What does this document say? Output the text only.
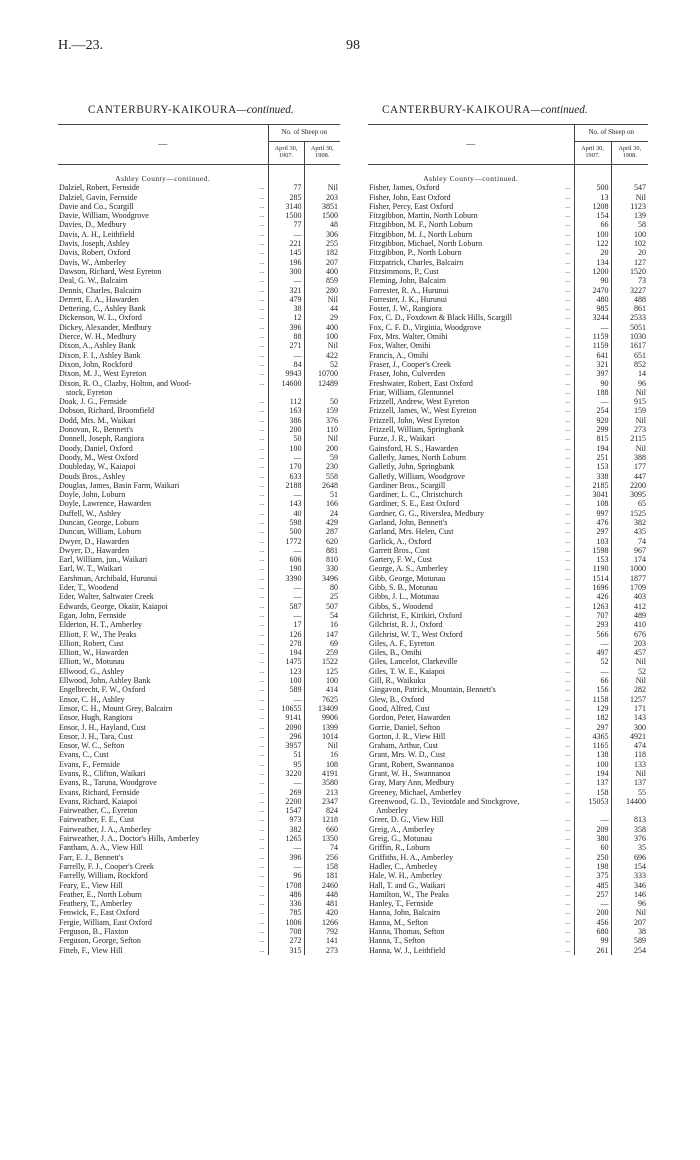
H.—23.	98
CANTERBURY-KAIKOURA—continued.
—	No. of Sheep on	
	April 30, 1907.	April 30, 1908.

Ashley County—continued.		
Dalziel, Robert, Fernside ...	77	Nil
Dalziel, Gavin, Fernside ...	285	203
Davie and Co., Scargill ...	3140	3851
Davie, William, Woodgrove ...	1500	1500
Davies, D., Medbury ...	77	48
Davis, A. H., Leithfield ...	—	306
Davis, Joseph, Ashley ...	221	255
Davis, Robert, Oxford ...	145	182
Davis, W., Amberley ...	196	207
Dawson, Richard, West Eyreton ...	300	400
Deal, G. W., Balcairn ...	—	859
Dennis, Charles, Balcairn ...	321	280
Derrett, E. A., Hawarden ...	479	Nil
Dettering, C., Ashley Bank ...	38	44
Dickenson, W. L., Oxford ...	12	29
Dickey, Alexander, Medbury ...	396	400
Dierce, W. H., Medbury ...	88	100
Dixon, A., Ashley Bank ...	271	Nil
Dixon, F. I., Ashley Bank ...	—	422
Dixon, John, Rockford ...	84	52
Dixon, M. J., West Eyreton ...	9943	10700
Dixon, R. O., Clazby, Holton, and Wood- ...	14600	12489
stock, Eyreton		
Doak, J. G., Fernside ...	112	50
Dobson, Richard, Broomfield ...	163	159
Dodd, Mrs. M., Waikari ...	386	376
Donovan, R., Bennett's ...	200	110
Donnell, Joseph, Rangiora ...	50	Nil
Doody, Daniel, Oxford ...	100	200
Doody, M., West Oxford ...	—	59
Doubleday, W., Kaiapoi ...	170	230
Douds Bros., Ashley ...	633	558
Douglas, James, Basin Farm, Waikari ...	2188	2648
Doyle, John, Loburn ...	—	51
Doyle, Lawrence, Hawarden ...	143	166
Duffell, W., Ashley ...	40	24
Duncan, George, Loburn ...	598	429
Duncan, William, Loburn ...	500	287
Dwyer, D., Hawarden ...	1772	620
Dwyer, D., Hawarden ...	—	881
Earl, William, jun., Waikari ...	606	810
Earl, W. T., Waikari ...	190	330
Earshman, Archibald, Hurunui ...	3390	3496
Eder, T., Woodend ...	—	80
Eder, Walter, Saltwater Creek ...	—	25
Edwards, George, Okaiir, Kaiapoi ...	587	507
Egan, John, Fernside ...	—	54
Elderton, H. T., Amberley ...	17	16
Elliott, F. W., The Peaks ...	126	147
Elliott, Robert, Cust ...	278	69
Elliott, W., Hawarden ...	194	259
Elliott, W., Motunau ...	1475	1522
Ellwood, G., Ashley ...	123	125
Ellwood, John, Ashley Bank ...	100	100
Engelbrecht, F. W., Oxford ...	589	414
Ensor, C. H., Ashley ...	—	7625
Ensor, C. H., Mount Grey, Balcairn ...	10655	13409
Ensor, Hugh, Rangiora ...	9141	9906
Ensor, J. H., Hayland, Cust ...	2090	1399
Ensor, J. H., Tara, Cust ...	296	1014
Ensor, W. C., Sefton ...	3957	Nil
Evans, C., Cust ...	51	16
Evans, F., Fernside ...	95	108
Evans, R., Clifton, Waikari ...	3220	4191
Evans, R., Taruna, Woodgrove ...	—	3580
Evans, Richard, Fernside ...	269	213
Evans, Richard, Kaiapoi ...	2200	2347
Fairweather, C., Eyreton ...	1547	824
Fairweather, F. E., Cust ...	973	1218
Fairweather, J. A., Amberley ...	382	660
Fairweather, J. A., Doctor's Hills, Amberley ...	1265	1350
Fantham, A. A., View Hill ...	—	74
Farr, E. J., Bennett's ...	396	256
Farrelly, F. J., Cooper's Creek ...	—	158
Farrelly, William, Rockford ...	96	181
Feary, E., View Hill ...	1708	2460
Feather, E., North Loburn ...	486	448
Feathery, T., Amberley ...	336	481
Fenwick, F., East Oxford ...	785	420
Fergie, William, East Oxford ...	1006	1266
Ferguson, B., Flaxton ...	708	792
Ferguson, George, Sefton ...	272	141
Fitteb, F., View Hill ...	315	273
CANTERBURY-KAIKOURA—continued.
—	No. of Sheep on	
	April 30, 1907.	April 30, 1908.

Ashley County—continued.		
Fisher, James, Oxford ...	500	547
Fisher, John, East Oxford ...	13	Nil
Fisher, Percy, East Oxford ...	1208	1123
Fitzgibbon, Martin, North Loburn ...	154	139
Fitzgibbon, M. F., North Loburn ...	66	58
Fitzgibbon, M. J., North Loburn ...	100	100
Fitzgibbon, Michael, North Loburn ...	122	102
Fitzgibbon, P., North Loburn ...	20	20
Fitzpatrick, Charles, Balcairn ...	134	127
Fitzsimmons, P., Cust ...	1200	1520
Fleming, John, Balcairn ...	90	73
Forrester, R. A., Hurunui ...	2470	3227
Forrester, J. K., Hurunui ...	480	488
Foster, J. W., Rangiora ...	985	861
Fox, C. D., Foxdown & Black Hills, Scargill ...	3244	2533
Fox, C. F. D., Virginia, Woodgrove ...	—	5051
Fox, Mrs. Walter, Omihi ...	1159	1030
Fox, Walter, Omihi ...	1159	1617
Francis, A., Omihi ...	641	651
Fraser, J., Cooper's Creek ...	321	852
Fraser, John, Culverden ...	397	14
Freshwater, Robert, East Oxford ...	90	96
Friar, William, Glentunnel ...	188	Nil
Frizzell, Andrew, West Eyreton ...	—	915
Frizzell, James, W., West Eyreton ...	254	159
Frizzell, John, West Eyreton ...	920	Nil
Frizzell, William, Springbank ...	299	273
Furze, J. R., Waikari ...	815	2115
Gainsford, H. S., Hawarden ...	194	Nil
Galletly, James, North Loburn ...	251	388
Galletly, John, Springbank ...	153	177
Galletly, William, Woodgrove ...	338	447
Gardiner Bros., Scargill ...	2185	2200
Gardiner, L. C., Christchurch ...	3041	3095
Gardiner, S. E., East Oxford ...	108	65
Gardner, G. G., Riverslea, Medbury ...	997	1525
Garland, John, Bennett's ...	476	382
Garland, Mrs. Helen, Cust ...	297	435
Garlick, A., Oxford ...	103	74
Garrett Bros., Cust ...	1598	967
Gartery, F. W., Cust ...	153	174
George, A. S., Amberley ...	1190	1000
Gibb, George, Motunau ...	1514	1877
Gibb, S. B., Motunau ...	1696	1709
Gibbs, J. L., Motunau ...	426	403
Gibbs, S., Woodend ...	1263	412
Gilchrist, F., Kirikiri, Oxford ...	707	489
Gilchrist, R. J., Oxford ...	293	410
Gilchrist, W. T., West Oxford ...	566	676
Giles, A. F., Eyreton ...	—	203
Giles, B., Omihi ...	497	457
Giles, Lancelot, Clarkeville ...	52	Nil
Giles, T. W. E., Kaiapoi ...	—	52
Gill, R., Waikuku ...	66	Nil
Gingavon, Patrick, Mountain, Bennett's ...	156	282
Glew, B., Oxford ...	1158	1257
Good, Alfred, Cust ...	129	171
Gordon, Peter, Hawarden ...	182	143
Gorrie, Daniel, Sefton ...	297	300
Gorton, J. R., View Hill ...	4365	4921
Graham, Arthur, Cust ...	1165	474
Grant, Mrs. W. D., Cust ...	138	118
Grant, Robert, Swannanoa ...	100	133
Grant, W. H., Swannanoa ...	194	Nil
Gray, Mary Ann, Medbury ...	137	137
Greeney, Michael, Amberley ...	158	55
Greenwood, G. D., Teviotdale and Stockgrove, ...	15053	14400
Amberley		
Greer, D. G., View Hill ...	—	813
Greig, A., Amberley ...	209	358
Greig, G., Motunau ...	380	376
Griffin, R., Loburn ...	60	35
Griffiths, H. A., Amberley ...	250	696
Hadler, C., Amberley ...	198	154
Hale, W. H., Amberley ...	375	333
Hall, T. and G., Waikari ...	485	346
Hamilton, W., The Peaks ...	257	146
Hanley, T., Fernside ...	—	96
Hanna, John, Balcairn ...	200	Nil
Hanna, M., Sefton ...	456	207
Hanna, Thomas, Sefton ...	680	38
Hanna, T., Sefton ...	99	589
Hanna, W. J., Leithfield ...	261	254
